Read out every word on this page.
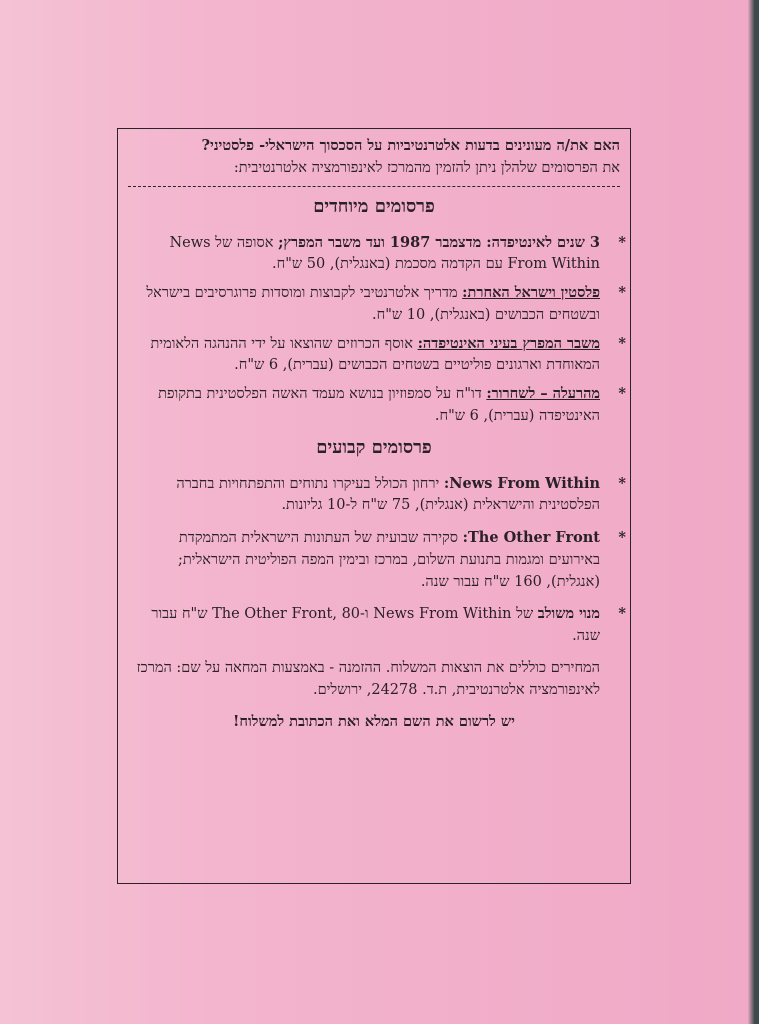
האם את/ה מעונינים בדעות אלטרנטיביות על הסכסוך הישראלי- פלסטיני?
את הפרסומים שלהלן ניתן להזמין מהמרכז לאינפורמציה אלטרנטיבית:

פרסומים מיוחדים
*
3 שנים לאינטיפדה: מדצמבר 1987 ועד משבר המפרץ; אסופה של News From Within עם הקדמה מסכמת (באנגלית), 50 ש"ח.
*
פלסטין וישראל האחרת: מדריך אלטרנטיבי לקבוצות ומוסדות פרוגרסיבים בישראל ובשטחים הכבושים (באנגלית), 10 ש"ח.
*
משבר המפרץ בעיני האינטיפדה: אוסף הכרוזים שהוצאו על ידי ההנהגה הלאומית המאוחדת וארגונים פוליטיים בשטחים הכבושים (עברית), 6 ש"ח.
*
מהרעלה – לשחרור: דו"ח על סמפוזיון בנושא מעמד האשה הפלסטינית בתקופת האינטיפדה (עברית), 6 ש"ח.
פרסומים קבועים
*
News From Within: ירחון הכולל בעיקרו נתוחים והתפתחויות בחברה הפלסטינית והישראלית (אנגלית), 75 ש"ח ל-10 גליונות.
*
The Other Front: סקירה שבועית של העתונות הישראלית המתמקדת באירועים ומגמות בתנועת השלום, במרכז ובימין המפה הפוליטית הישראלית; (אנגלית), 160 ש"ח עבור שנה.
*
מנוי משולב של News From Within ו-The Other Front, 80 ש"ח עבור שנה.

המחירים כוללים את הוצאות המשלוח. ההזמנה - באמצעות המחאה על שם: המרכז לאינפורמציה אלטרנטיבית, ת.ד. 24278, ירושלים.

יש לרשום את השם המלא ואת הכתובת למשלוח!
